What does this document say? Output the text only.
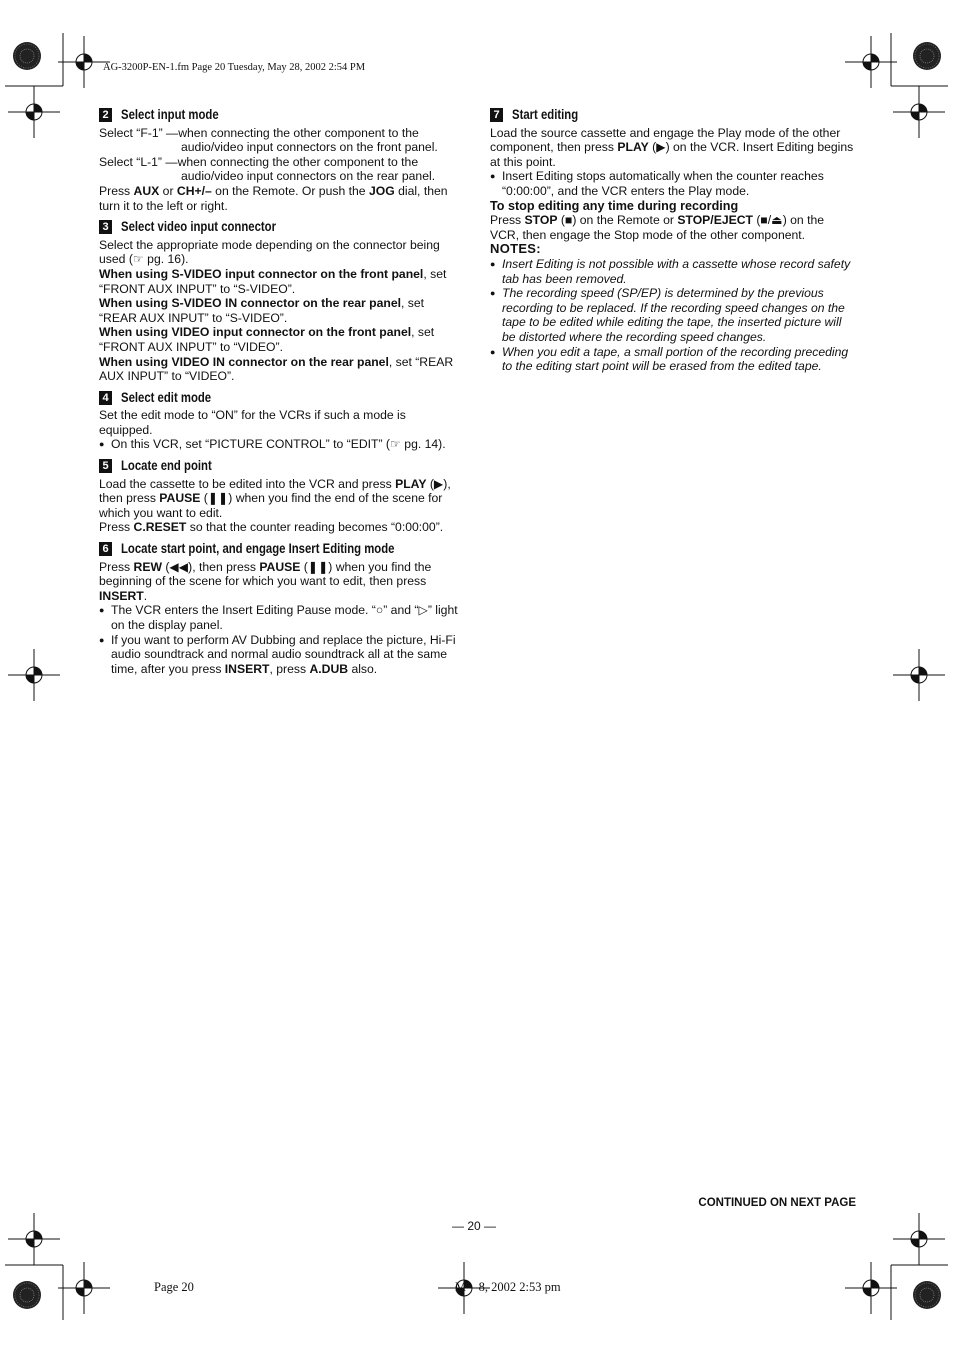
AG-3200P-EN-1.fm Page 20 Tuesday, May 28, 2002 2:54 PM
2 Select input mode

Select “F-1” —when connecting the other component to the

audio/video input connectors on the front panel.

Select “L-1” —when connecting the other component to the

audio/video input connectors on the rear panel.

Press AUX or CH+/– on the Remote. Or push the JOG dial, then turn it to the left or right.

3 Select video input connector

Select the appropriate mode depending on the connector being used (☞ pg. 16).

When using S-VIDEO input connector on the front panel, set “FRONT AUX INPUT” to “S-VIDEO”.

When using S-VIDEO IN connector on the rear panel, set “REAR AUX INPUT” to “S-VIDEO”.

When using VIDEO input connector on the front panel, set “FRONT AUX INPUT” to “VIDEO”.

When using VIDEO IN connector on the rear panel, set “REAR AUX INPUT” to “VIDEO”.

4 Select edit mode

Set the edit mode to “ON” for the VCRs if such a mode is equipped.

● On this VCR, set “PICTURE CONTROL” to “EDIT” (☞ pg. 14).

5 Locate end point

Load the cassette to be edited into the VCR and press PLAY (▶), then press PAUSE (❚❚) when you find the end of the scene for which you want to edit.

Press C.RESET so that the counter reading becomes “0:00:00”.

6 Locate start point, and engage Insert Editing mode

Press REW (◀◀), then press PAUSE (❚❚) when you find the beginning of the scene for which you want to edit, then press INSERT.

● The VCR enters the Insert Editing Pause mode. “○” and “▷” light on the display panel.

● If you want to perform AV Dubbing and replace the picture, Hi-Fi audio soundtrack and normal audio soundtrack all at the same time, after you press INSERT, press A.DUB also.

7 Start editing

Load the source cassette and engage the Play mode of the other component, then press PLAY (▶) on the VCR. Insert Editing begins at this point.

● Insert Editing stops automatically when the counter reaches “0:00:00”, and the VCR enters the Play mode.

To stop editing any time during recording

Press STOP (■) on the Remote or STOP/EJECT (■/⏏) on the VCR, then engage the Stop mode of the other component.

NOTES:

● Insert Editing is not possible with a cassette whose record safety tab has been removed.

● The recording speed (SP/EP) is determined by the previous recording to be replaced. If the recording speed changes on the tape to be edited while editing the tape, the inserted picture will be distorted where the recording speed changes.

● When you edit a tape, a small portion of the recording preceding to the editing start point will be erased from the edited tape.

CONTINUED ON NEXT PAGE
— 20 —
Page 20	M  8, 2002 2:53 pm
